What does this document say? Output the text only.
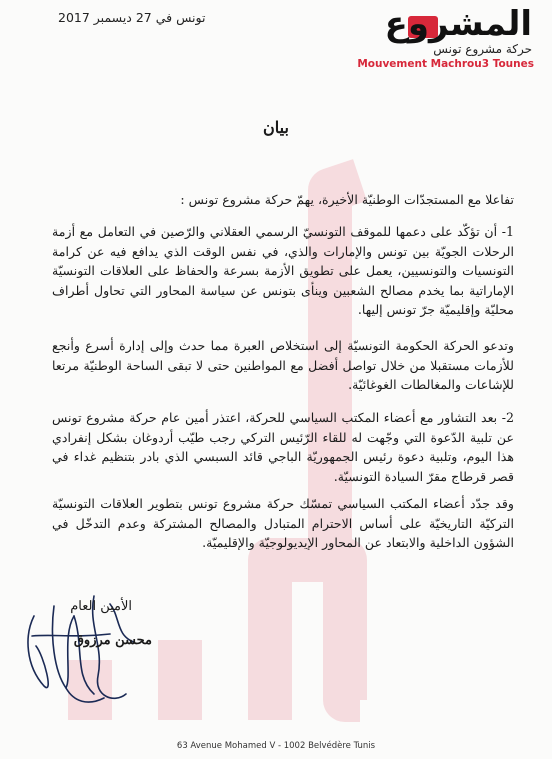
تونس في 27 ديسمبر 2017	المشروع
حركة مشروع تونس
Mouvement Machrou3 Tounes
بيان
تفاعلا مع المستجدّات الوطنيّة الأخيرة، يهمّ حركة مشروع تونس :
1- أن تؤكّد على دعمها للموقف التونسيّ الرسمي العقلاني والرّصين في التعامل مع أزمة الرحلات الجويّة بين تونس والإمارات والذي، في نفس الوقت الذي يدافع فيه عن كرامة التونسيات والتونسيين، يعمل على تطويق الأزمة بسرعة والحفاظ على العلاقات التونسيّة الإماراتية بما يخدم مصالح الشعبين وينأى بتونس عن سياسة المحاور التي تحاول أطراف محليّة وإقليميّة جرّ تونس إليها.
وتدعو الحركة الحكومة التونسيّة إلى استخلاص العبرة مما حدث وإلى إدارة أسرع وأنجع للأزمات مستقبلا من خلال تواصل أفضل مع المواطنين حتى لا تبقى الساحة الوطنيّة مرتعا للإشاعات والمغالطات الغوغائيّة.
2- بعد التشاور مع أعضاء المكتب السياسي للحركة، اعتذر أمين عام حركة مشروع تونس عن تلبية الدّعوة التي وجّهت له للقاء الرّئيس التركي رجب طيّب أردوغان بشكل إنفرادي هذا اليوم، وتلبية دعوة رئيس الجمهوريّة الباجي قائد السبسي الذي بادر بتنظيم غداء في قصر قرطاج مقرّ السيادة التونسيّة.
وقد جدّد أعضاء المكتب السياسي تمسّك حركة مشروع تونس بتطوير العلاقات التونسيّة التركيّة التاريخيّة على أساس الاحترام المتبادل والمصالح المشتركة وعدم التدخّل في الشؤون الداخلية والابتعاد عن المحاور الإيديولوجيّة والإقليميّة.
الأمين العام
محسن مرزوق
63 Avenue Mohamed V - 1002 Belvédère Tunis
